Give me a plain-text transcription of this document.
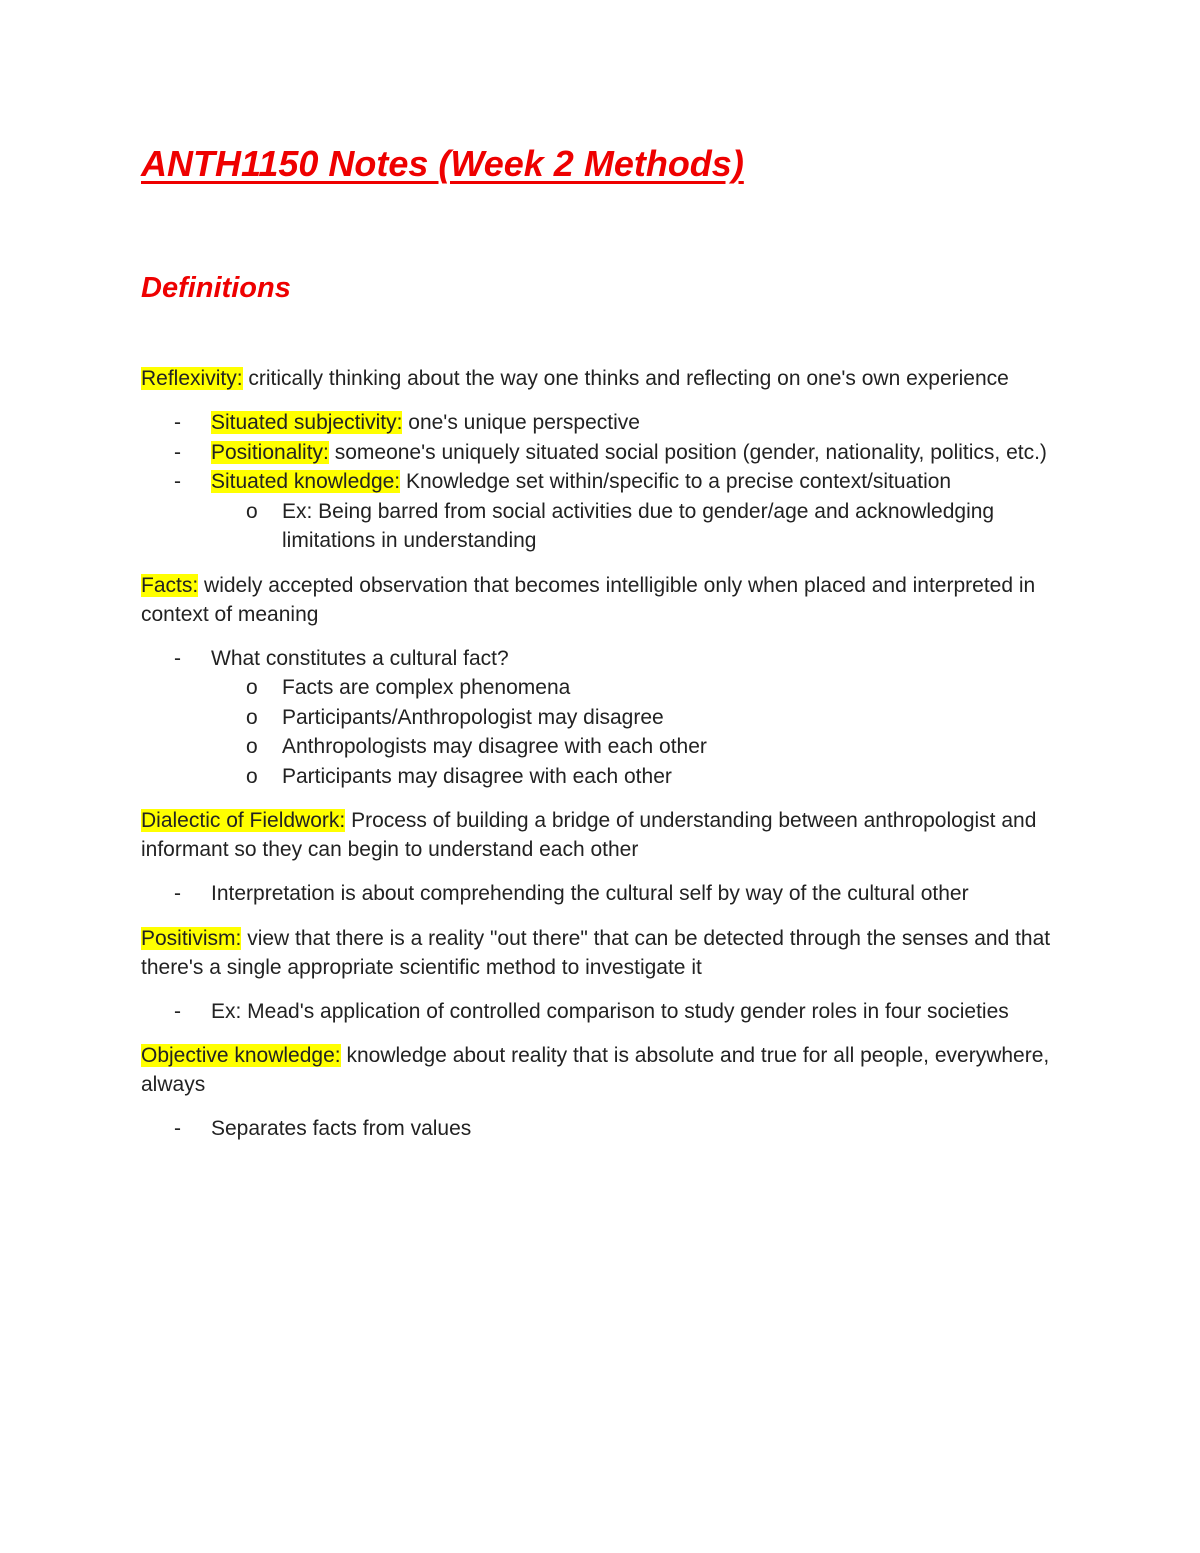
ANTH1150 Notes (Week 2 Methods)
Definitions

Reflexivity: critically thinking about the way one thinks and reflecting on one's own experience

- Situated subjectivity: one's unique perspective
- Positionality: someone's uniquely situated social position (gender, nationality, politics, etc.)
- Situated knowledge: Knowledge set within/specific to a precise context/situation
o Ex: Being barred from social activities due to gender/age and acknowledging limitations in understanding

Facts: widely accepted observation that becomes intelligible only when placed and interpreted in context of meaning

- What constitutes a cultural fact?
o Facts are complex phenomena
o Participants/Anthropologist may disagree
o Anthropologists may disagree with each other
o Participants may disagree with each other

Dialectic of Fieldwork: Process of building a bridge of understanding between anthropologist and informant so they can begin to understand each other

- Interpretation is about comprehending the cultural self by way of the cultural other

Positivism: view that there is a reality "out there" that can be detected through the senses and that there's a single appropriate scientific method to investigate it

- Ex: Mead's application of controlled comparison to study gender roles in four societies

Objective knowledge: knowledge about reality that is absolute and true for all people, everywhere, always

- Separates facts from values
